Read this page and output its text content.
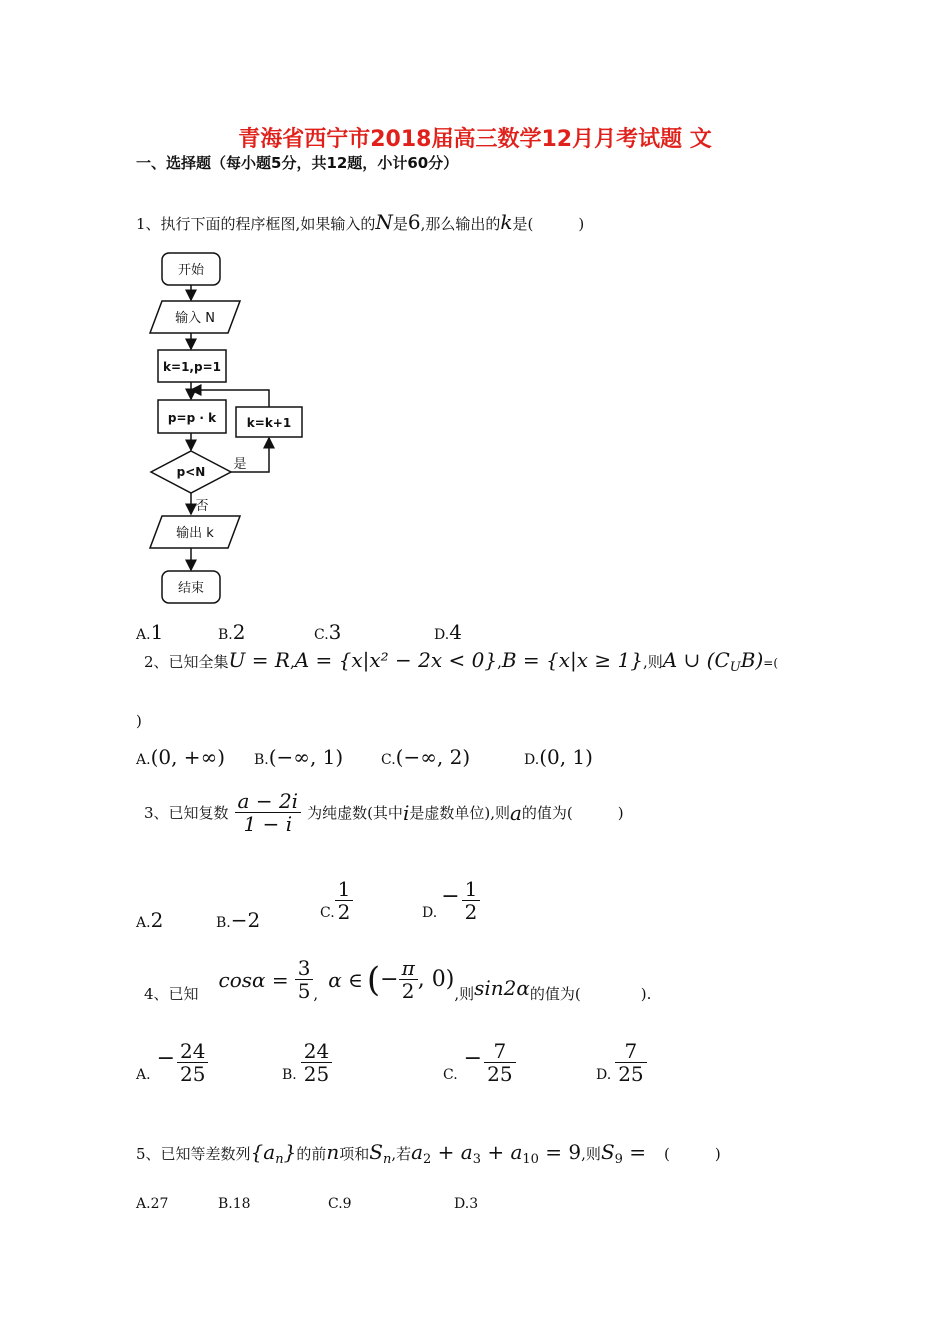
青海省西宁市2018届高三数学12月月考试题 文
一、选择题（每小题5分，共12题，小计60分）
1、执行下面的程序框图,如果输入的N是6,那么输出的k是(　　　)
开始
输入 N
k=1,p=1
p=p · k	k=k+1
p<N 是
否
输出 k
结束
A.1	B.2	C.3	D.4
2、已知全集U = R,A = {x|x² − 2x < 0},B = {x|x ≥ 1},则A ∪ $(C_UB)=$(
)
A.(0, +∞) B.(−∞, 1)	C.(−∞, 2)	D.(0, 1)
3、已知复数 $\frac{a - 2i}{1 - i}$ 为纯虚数(其中 i 是虚数单位),则 a 的值为(　　　)
A.2	B.−2	C. $\frac{1}{2}$	D.
− $\frac{1}{2}$
4、已知
$\cos\alpha = \frac{3}{5}$ ,
α ∈ ( − $\frac{\pi}{2}$ , 0)
,则 sin2α 的值为(　　　　).
A.
− $\frac{24}{25}$	B. $\frac{24}{25}$	C.
− $\frac{7}{25}$	D. $\frac{7}{25}$
5、已知等差数列$\{a_n\}$的前n项和$S_n$,若$a_2 + a_3 + a_{10} = 9$,则$S_9$ = (　　　)
A.27	B.18	C.9	D.3
